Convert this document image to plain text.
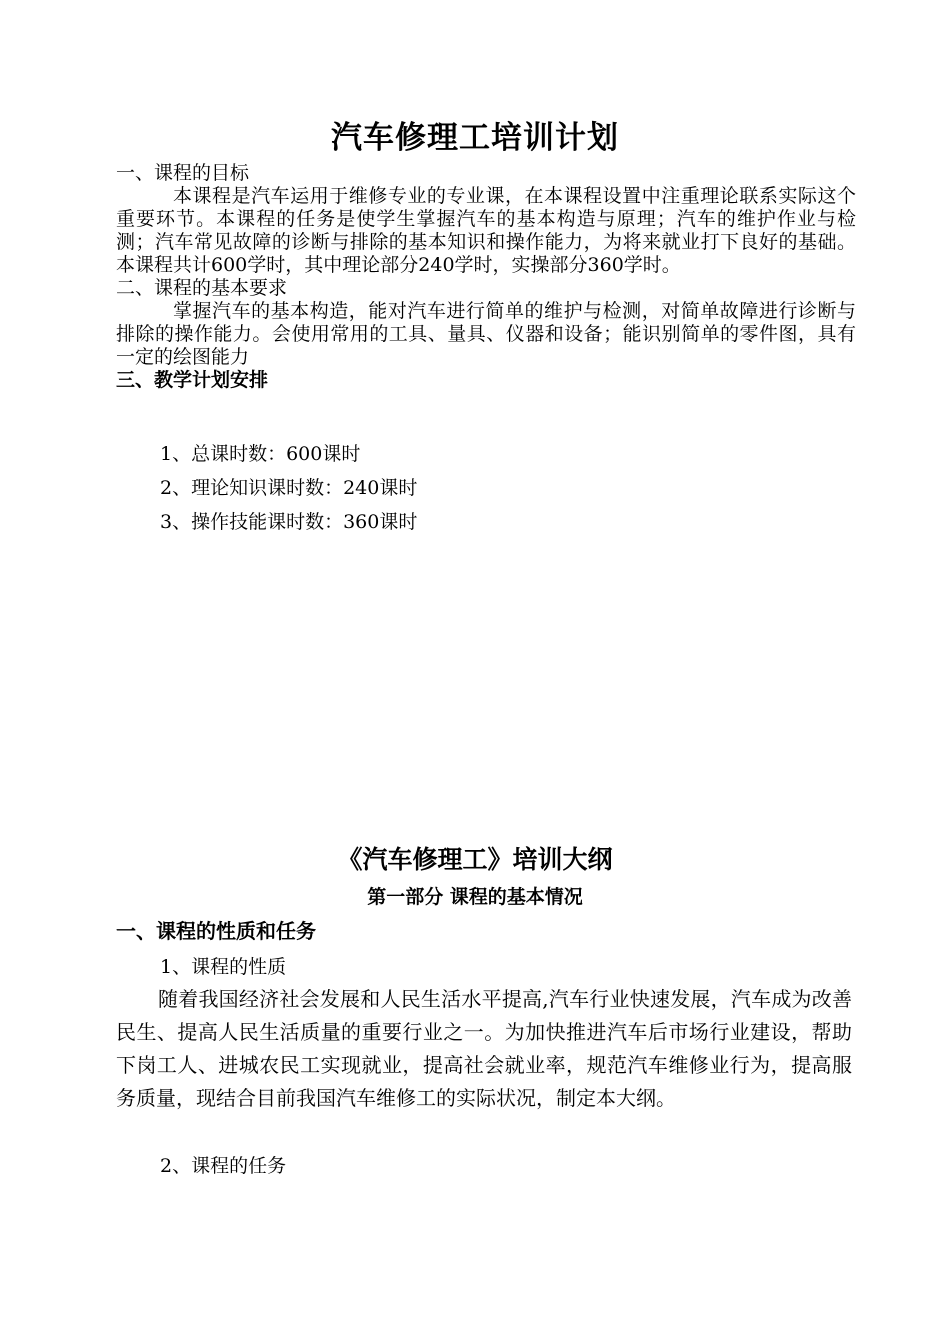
汽车修理工培训计划
一、课程的目标
本课程是汽车运用于维修专业的专业课，在本课程设置中注重理论联系实际这个重要环节。本课程的任务是使学生掌握汽车的基本构造与原理；汽车的维护作业与检测；汽车常见故障的诊断与排除的基本知识和操作能力，为将来就业打下良好的基础。本课程共计600学时，其中理论部分240学时，实操部分360学时。
二、课程的基本要求
掌握汽车的基本构造，能对汽车进行简单的维护与检测，对简单故障进行诊断与排除的操作能力。会使用常用的工具、量具、仪器和设备；能识别简单的零件图，具有一定的绘图能力
三、教学计划安排
1、总课时数：600课时
2、理论知识课时数：240课时
3、操作技能课时数：360课时
《汽车修理工》培训大纲
第一部分 课程的基本情况
一、课程的性质和任务
1、课程的性质
随着我国经济社会发展和人民生活水平提高,汽车行业快速发展，汽车成为改善民生、提高人民生活质量的重要行业之一。为加快推进汽车后市场行业建设，帮助下岗工人、进城农民工实现就业，提高社会就业率，规范汽车维修业行为，提高服务质量，现结合目前我国汽车维修工的实际状况，制定本大纲。
2、课程的任务
